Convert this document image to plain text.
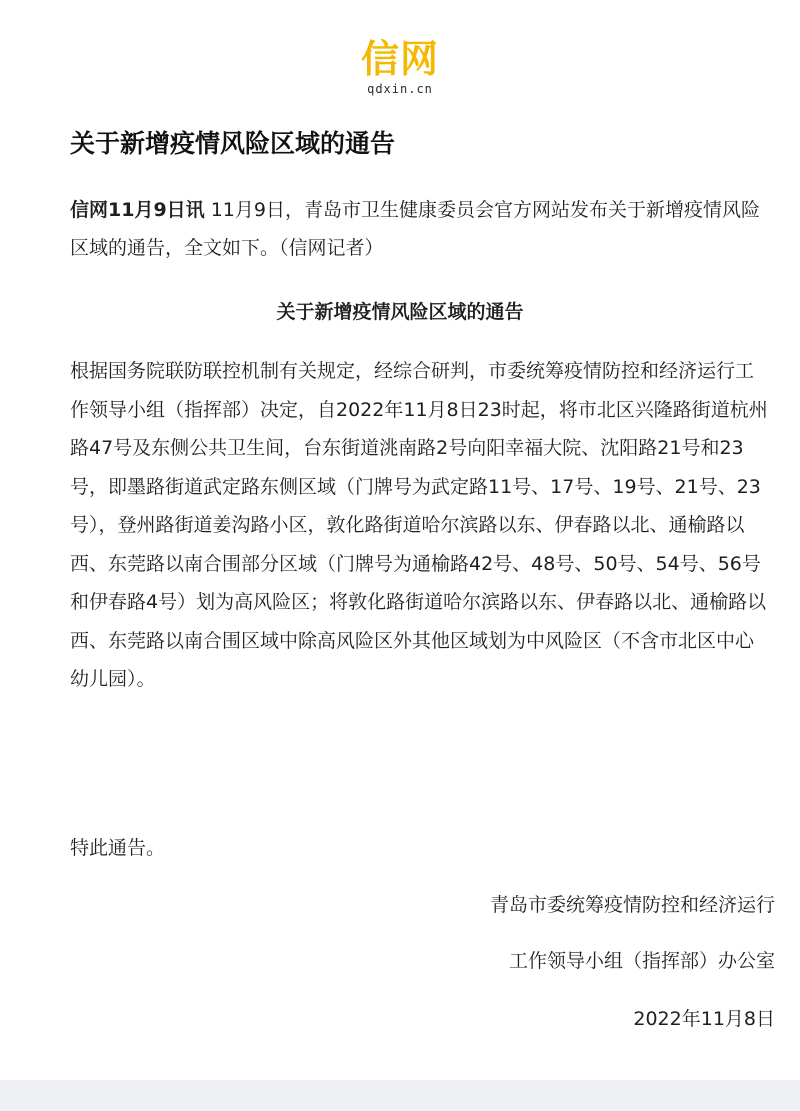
信网
qdxin.cn
关于新增疫情风险区域的通告

信网11月9日讯 11月9日，青岛市卫生健康委员会官方网站发布关于新增疫情风险区域的通告，全文如下。（信网记者）

关于新增疫情风险区域的通告

根据国务院联防联控机制有关规定，经综合研判，市委统筹疫情防控和经济运行工作领导小组（指挥部）决定，自2022年11月8日23时起，将市北区兴隆路街道杭州路47号及东侧公共卫生间，台东街道洮南路2号向阳幸福大院、沈阳路21号和23号，即墨路街道武定路东侧区域（门牌号为武定路11号、17号、19号、21号、23号），登州路街道姜沟路小区，敦化路街道哈尔滨路以东、伊春路以北、通榆路以西、东莞路以南合围部分区域（门牌号为通榆路42号、48号、50号、54号、56号和伊春路4号）划为高风险区；将敦化路街道哈尔滨路以东、伊春路以北、通榆路以西、东莞路以南合围区域中除高风险区外其他区域划为中风险区（不含市北区中心幼儿园）。

特此通告。

青岛市委统筹疫情防控和经济运行

工作领导小组（指挥部）办公室

2022年11月8日
